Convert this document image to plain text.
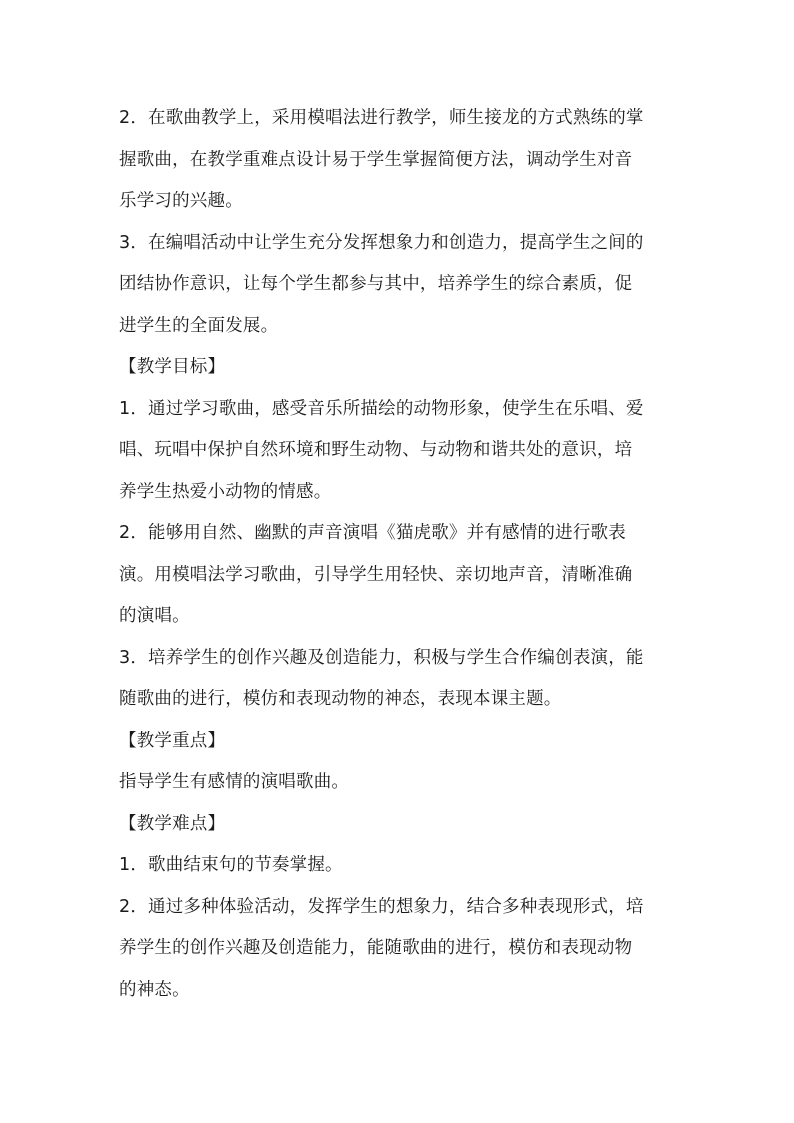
2．在歌曲教学上，采用模唱法进行教学，师生接龙的方式熟练的掌
握歌曲，在教学重难点设计易于学生掌握简便方法，调动学生对音
乐学习的兴趣。
3．在编唱活动中让学生充分发挥想象力和创造力，提高学生之间的
团结协作意识，让每个学生都参与其中，培养学生的综合素质，促
进学生的全面发展。
【教学目标】
1．通过学习歌曲，感受音乐所描绘的动物形象，使学生在乐唱、爱
唱、玩唱中保护自然环境和野生动物、与动物和谐共处的意识，培
养学生热爱小动物的情感。
2．能够用自然、幽默的声音演唱《猫虎歌》并有感情的进行歌表
演。用模唱法学习歌曲，引导学生用轻快、亲切地声音，清晰准确
的演唱。
3．培养学生的创作兴趣及创造能力，积极与学生合作编创表演，能
随歌曲的进行，模仿和表现动物的神态，表现本课主题。
【教学重点】
指导学生有感情的演唱歌曲。
【教学难点】
1．歌曲结束句的节奏掌握。
2．通过多种体验活动，发挥学生的想象力，结合多种表现形式，培
养学生的创作兴趣及创造能力，能随歌曲的进行，模仿和表现动物
的神态。
